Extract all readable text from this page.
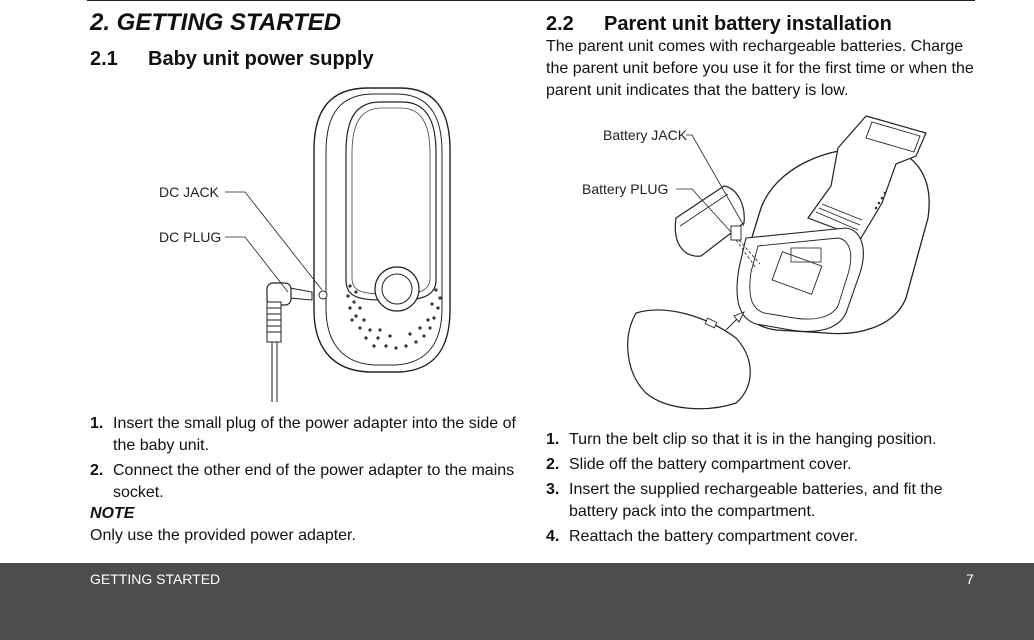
2. GETTING STARTED
2.1 Baby unit power supply
DC JACK
DC PLUG
1. Insert the small plug of the power adapter into the side of the baby unit.
2. Connect the other end of the power adapter to the mains socket.

NOTE

Only use the provided power adapter.

2.2 Parent unit battery installation

The parent unit comes with rechargeable batteries. Charge the parent unit before you use it for the first time or when the parent unit indicates that the battery is low.

Battery JACK
Battery PLUG
1. Turn the belt clip so that it is in the hanging position.
2. Slide off the battery compartment cover.
3. Insert the supplied rechargeable batteries, and fit the battery pack into the compartment.
4. Reattach the battery compartment cover.
GETTING STARTED	7
